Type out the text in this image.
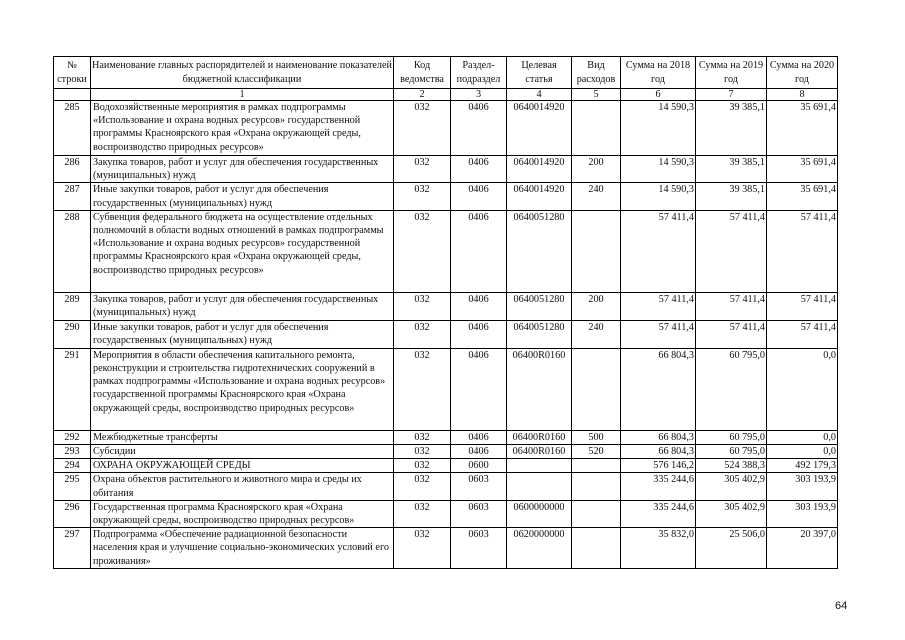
№ строки	Наименование главных распорядителей и наименование показателей бюджетной классификации	Код ведомства	Раздел-подраздел	Целевая статья	Вид расходов	Сумма на 2018 год	Сумма на 2019 год	Сумма на 2020 год
	1	2	3	4	5	6	7	8
285	Водохозяйственные мероприятия в рамках подпрограммы «Использование и охрана водных ресурсов» государственной программы Красноярского края «Охрана окружающей среды, воспроизводство природных ресурсов»	032	0406	0640014920		14 590,3	39 385,1	35 691,4
286	Закупка товаров, работ и услуг для обеспечения государственных (муниципальных) нужд	032	0406	0640014920	200	14 590,3	39 385,1	35 691,4
287	Иные закупки товаров, работ и услуг для обеспечения государственных (муниципальных) нужд	032	0406	0640014920	240	14 590,3	39 385,1	35 691,4
288	Субвенция федерального бюджета на осуществление отдельных полномочий в области водных отношений в рамках подпрограммы «Использование и охрана водных ресурсов» государственной программы Красноярского края «Охрана окружающей среды, воспроизводство природных ресурсов»	032	0406	0640051280		57 411,4	57 411,4	57 411,4
289	Закупка товаров, работ и услуг для обеспечения государственных (муниципальных) нужд	032	0406	0640051280	200	57 411,4	57 411,4	57 411,4
290	Иные закупки товаров, работ и услуг для обеспечения государственных (муниципальных) нужд	032	0406	0640051280	240	57 411,4	57 411,4	57 411,4
291	Мероприятия в области обеспечения капитального ремонта, реконструкции и строительства гидротехнических сооружений в рамках подпрограммы «Использование и охрана водных ресурсов» государственной программы Красноярского края «Охрана окружающей среды, воспроизводство природных ресурсов»	032	0406	06400R0160		66 804,3	60 795,0	0,0
292	Межбюджетные трансферты	032	0406	06400R0160	500	66 804,3	60 795,0	0,0
293	Субсидии	032	0406	06400R0160	520	66 804,3	60 795,0	0,0
294	ОХРАНА ОКРУЖАЮЩЕЙ СРЕДЫ	032	0600			576 146,2	524 388,3	492 179,3
295	Охрана объектов растительного и животного мира и среды их обитания	032	0603			335 244,6	305 402,9	303 193,9
296	Государственная программа Красноярского края «Охрана окружающей среды, воспроизводство природных ресурсов»	032	0603	0600000000		335 244,6	305 402,9	303 193,9
297	Подпрограмма «Обеспечение радиационной безопасности населения края и улучшение социально-экономических условий его проживания»	032	0603	0620000000		35 832,0	25 506,0	20 397,0
64
